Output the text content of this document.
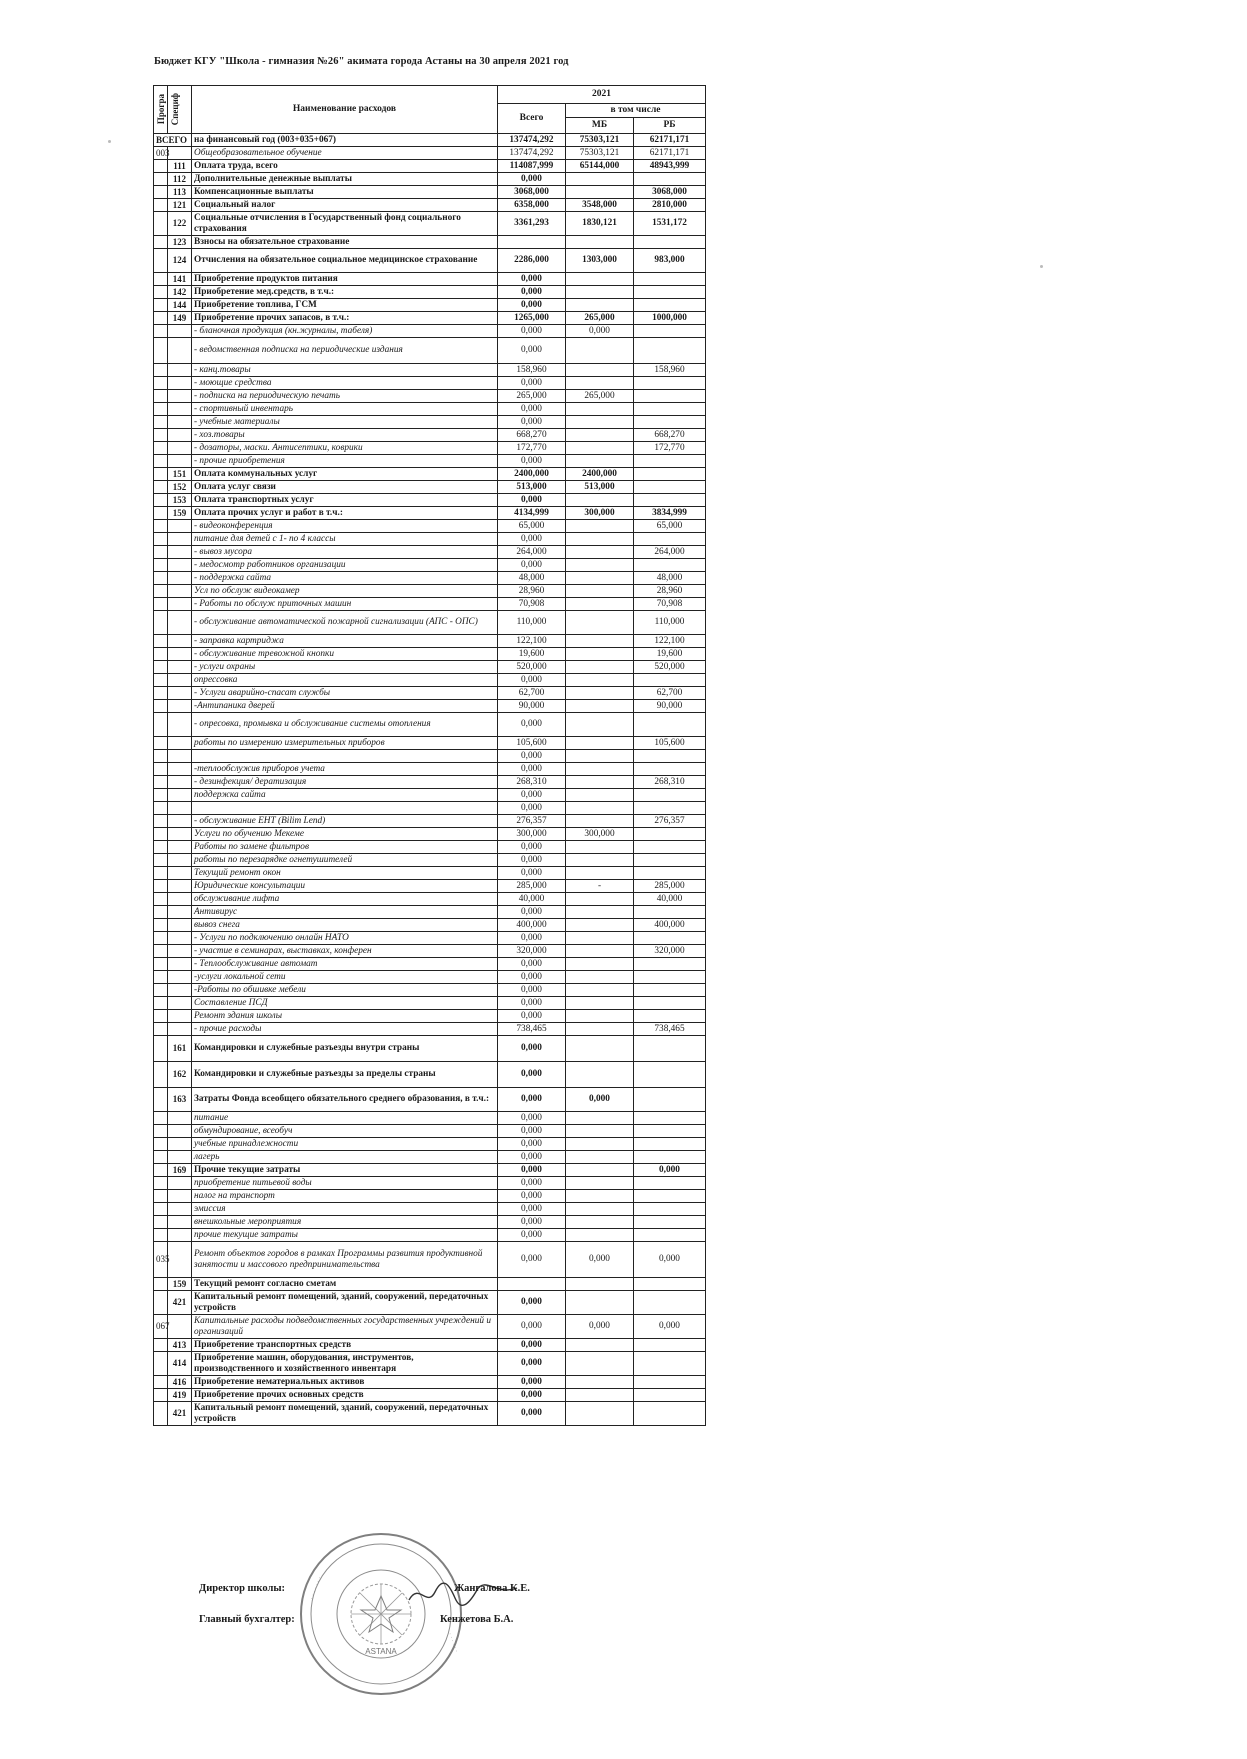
Бюджет КГУ "Школа - гимназия №26" акимата города Астаны на 30 апреля 2021 год
Програ	Специф	Наименование расходов	2021		
			Всего	в том числе	
				МБ	РБ
ВСЕГО		на финансовый год (003+035+067)	137474,292	75303,121	62171,171
003		Общеобразовательное обучение	137474,292	75303,121	62171,171
	111	Оплата труда, всего	114087,999	65144,000	48943,999
	112	Дополнительные денежные выплаты	0,000		
	113	Компенсационные выплаты	3068,000		3068,000
	121	Социальный налог	6358,000	3548,000	2810,000
	122	Социальные отчисления в Государственный фонд социального страхования	3361,293	1830,121	1531,172
	123	Взносы на обязательное страхование			
	124	Отчисления на обязательное социальное медицинское страхование	2286,000	1303,000	983,000
	141	Приобретение продуктов питания	0,000		
	142	Приобретение мед.средств, в т.ч.:	0,000		
	144	Приобретение топлива, ГСМ	0,000		
	149	Приобретение прочих запасов, в т.ч.:	1265,000	265,000	1000,000
		- бланочная продукция (кн.журналы, табеля)	0,000	0,000	
		- ведомственная подписка на периодические издания	0,000		
		- канц.товары	158,960		158,960
		- моющие средства	0,000		
		- подписка на периодическую печать	265,000	265,000	
		- спортивный инвентарь	0,000		
		- учебные материалы	0,000		
		- хоз.товары	668,270		668,270
		- дозаторы, маски. Антисептики, коврики	172,770		172,770
		- прочие приобретения	0,000		
	151	Оплата коммунальных услуг	2400,000	2400,000	
	152	Оплата услуг связи	513,000	513,000	
	153	Оплата транспортных услуг	0,000		
	159	Оплата прочих услуг и работ в т.ч.:	4134,999	300,000	3834,999
		- видеоконференция	65,000		65,000
		питание для детей с 1- по 4 классы	0,000		
		- вывоз мусора	264,000		264,000
		- медосмотр работников организации	0,000		
		- поддержка сайта	48,000		48,000
		Усл по обслуж видеокамер	28,960		28,960
		- Работы по обслуж приточных машин	70,908		70,908
		- обслуживание автоматической пожарной сигнализации (АПС - ОПС)	110,000		110,000
		- заправка картриджа	122,100		122,100
		- обслуживание тревожной кнопки	19,600		19,600
		- услуги охраны	520,000		520,000
		опрессовка	0,000		
		- Услуги аварийно-спасат службы	62,700		62,700
		-Антипаника дверей	90,000		90,000
		- опресовка, промывка и обслуживание системы отопления	0,000		
		работы по измерению измерительных приборов	105,600		105,600
			0,000		
		-теплообслужив приборов учета	0,000		
		- дезинфекция/ дератизация	268,310		268,310
		поддержка сайта	0,000		
			0,000		
		- обслуживание ЕНТ (Bilim Lend)	276,357		276,357
		Услуги по обучению Мекеме	300,000	300,000	
		Работы по замене фильтров	0,000		
		работы по перезарядке огнетушителей	0,000		
		Текущий ремонт окон	0,000		
		Юридические консультации	285,000	-	285,000
		обслуживание лифта	40,000		40,000
		Антивирус	0,000		
		вывоз снега	400,000		400,000
		- Услуги по подключению онлайн НАТО	0,000		
		- участие в семинарах, выставках, конферен	320,000		320,000
		- Теплообслуживание автомат	0,000		
		-услуги локальной сети	0,000		
		-Работы по обшивке мебели	0,000		
		Составление ПСД	0,000		
		Ремонт здания школы	0,000		
		- прочие расходы	738,465		738,465
	161	Командировки и служебные разъезды внутри страны	0,000		
	162	Командировки и служебные разъезды за пределы страны	0,000		
	163	Затраты Фонда всеобщего обязательного среднего образования, в т.ч.:	0,000	0,000	
		питание	0,000		
		обмундирование, всеобуч	0,000		
		учебные принадлежности	0,000		
		лагерь	0,000		
	169	Прочие текущие затраты	0,000		0,000
		приобретение питьевой воды	0,000		
		налог на транспорт	0,000		
		эмиссия	0,000		
		внешкольные мероприятия	0,000		
		прочие текущие затраты	0,000		
035		Ремонт объектов городов в рамках Программы развития продуктивной занятости и массового предпринимательства	0,000	0,000	0,000
	159	Текущий ремонт согласно сметам			
	421	Капитальный ремонт помещений, зданий, сооружений, передаточных устройств	0,000		
067		Капитальные расходы подведомственных государственных учреждений и организаций	0,000	0,000	0,000
	413	Приобретение транспортных средств	0,000		
	414	Приобретение машин, оборудования, инструментов, производственного и хозяйственного инвентаря	0,000		
	416	Приобретение нематериальных активов	0,000		
	419	Приобретение прочих основных средств	0,000		
	421	Капитальный ремонт помещений, зданий, сооружений, передаточных устройств	0,000		
ASTANA
· · · · · · ·
· · · · · · ·
Директор школы:	Жангалова К.Е.
Главный бухгалтер:	Кенжетова Б.А.
